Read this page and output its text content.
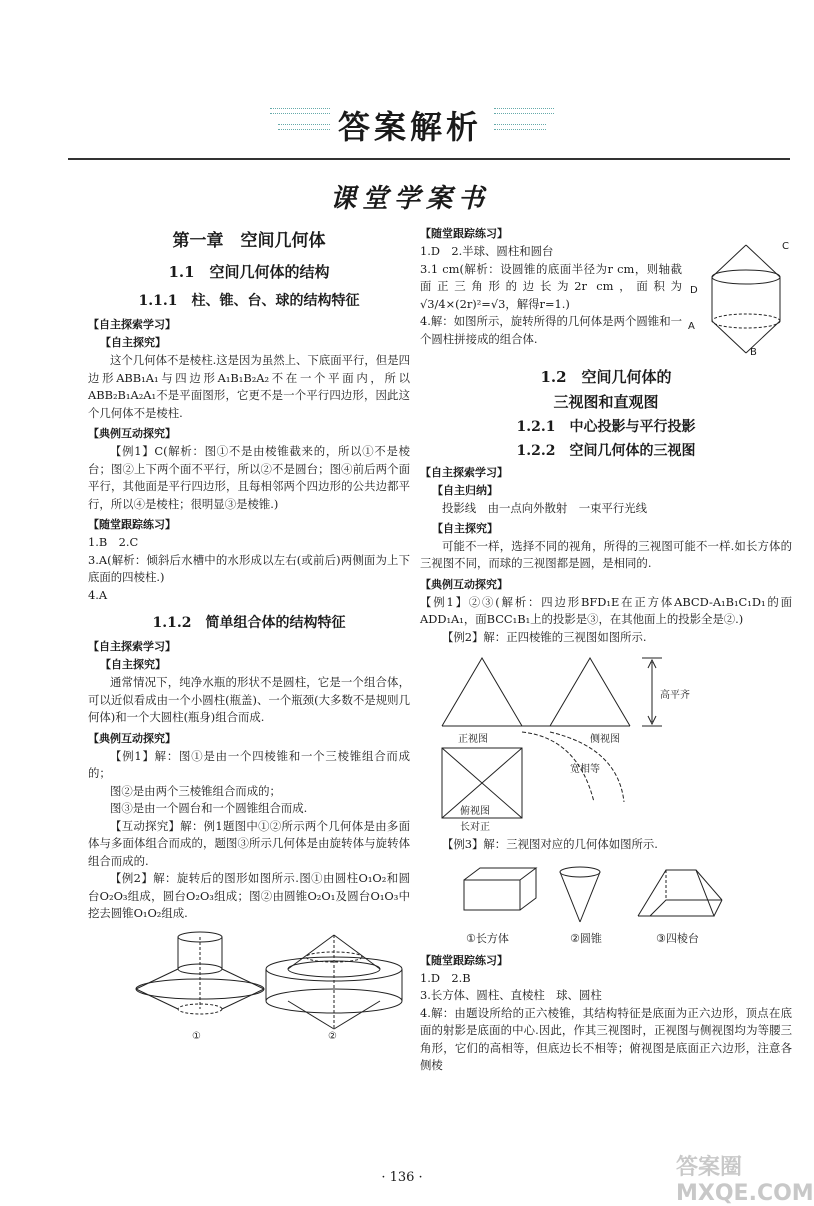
答案解析
课堂学案书
第一章　空间几何体
1.1　空间几何体的结构
1.1.1　柱、锥、台、球的结构特征
【自主探索学习】
【自主探究】

这个几何体不是棱柱.这是因为虽然上、下底面平行，但是四边形ABB₁A₁与四边形A₁B₁B₂A₂不在一个平面内，所以ABB₂B₁A₂A₁不是平面图形，它更不是一个平行四边形，因此这个几何体不是棱柱.

【典例互动探究】

【例1】C(解析：图①不是由棱锥截来的，所以①不是棱台；图②上下两个面不平行，所以②不是圆台；图④前后两个面平行，其他面是平行四边形，且每相邻两个四边形的公共边都平行，所以④是棱柱；很明显③是棱锥.)

【随堂跟踪练习】

1.B　2.C

3.A(解析：倾斜后水槽中的水形成以左右(或前后)两侧面为上下底面的四棱柱.)

4.A

1.1.2　简单组合体的结构特征
【自主探索学习】
【自主探究】

通常情况下，纯净水瓶的形状不是圆柱，它是一个组合体，可以近似看成由一个小圆柱(瓶盖)、一个瓶颈(大多数不是规则几何体)和一个大圆柱(瓶身)组合而成.

【典例互动探究】

【例1】解：图①是由一个四棱锥和一个三棱锥组合而成的；

图②是由两个三棱锥组合而成的；

图③是由一个圆台和一个圆锥组合而成.

【互动探究】解：例1题图中①②所示两个几何体是由多面体与多面体组合而成的，题图③所示几何体是由旋转体与旋转体组合而成的.

【例2】解：旋转后的图形如图所示.图①由圆柱O₁O₂和圆台O₂O₃组成，圆台O₂O₃组成；图②由圆锥O₂O₁及圆台O₁O₃中挖去圆锥O₁O₂组成.

①	②
【随堂跟踪练习】

1.D　2.半球、圆柱和圆台

3.1 cm(解析：设圆锥的底面半径为r cm，则轴截面正三角形的边长为2r cm，面积为√3/4×(2r)²=√3，解得r=1.)

4.解：如图所示，旋转所得的几何体是两个圆锥和一个圆柱拼接成的组合体.

C
D
A
B
1.2　空间几何体的
三视图和直观图
1.2.1　中心投影与平行投影
1.2.2　空间几何体的三视图
【自主探索学习】
【自主归纳】

投影线　由一点向外散射　一束平行光线

【自主探究】

可能不一样，选择不同的视角，所得的三视图可能不一样.如长方体的三视图不同，而球的三视图都是圆，是相同的.

【典例互动探究】

【例1】②③(解析：四边形BFD₁E在正方体ABCD-A₁B₁C₁D₁的面ADD₁A₁，面BCC₁B₁上的投影是③，在其他面上的投影全是②.)

【例2】解：正四棱锥的三视图如图所示.

正视图	侧视图
俯视图
高平齐
宽相等
长对正

【例3】解：三视图对应的几何体如图所示.

①长方体	②圆锥	③四棱台
【随堂跟踪练习】

1.D　2.B

3.长方体、圆柱、直棱柱　球、圆柱

4.解：由题设所给的正六棱锥，其结构特征是底面为正六边形，顶点在底面的射影是底面的中心.因此，作其三视图时，正视图与侧视图均为等腰三角形，它们的高相等，但底边长不相等；俯视图是底面正六边形，注意各侧棱

· 136 ·	答案圈 MXQE.COM
